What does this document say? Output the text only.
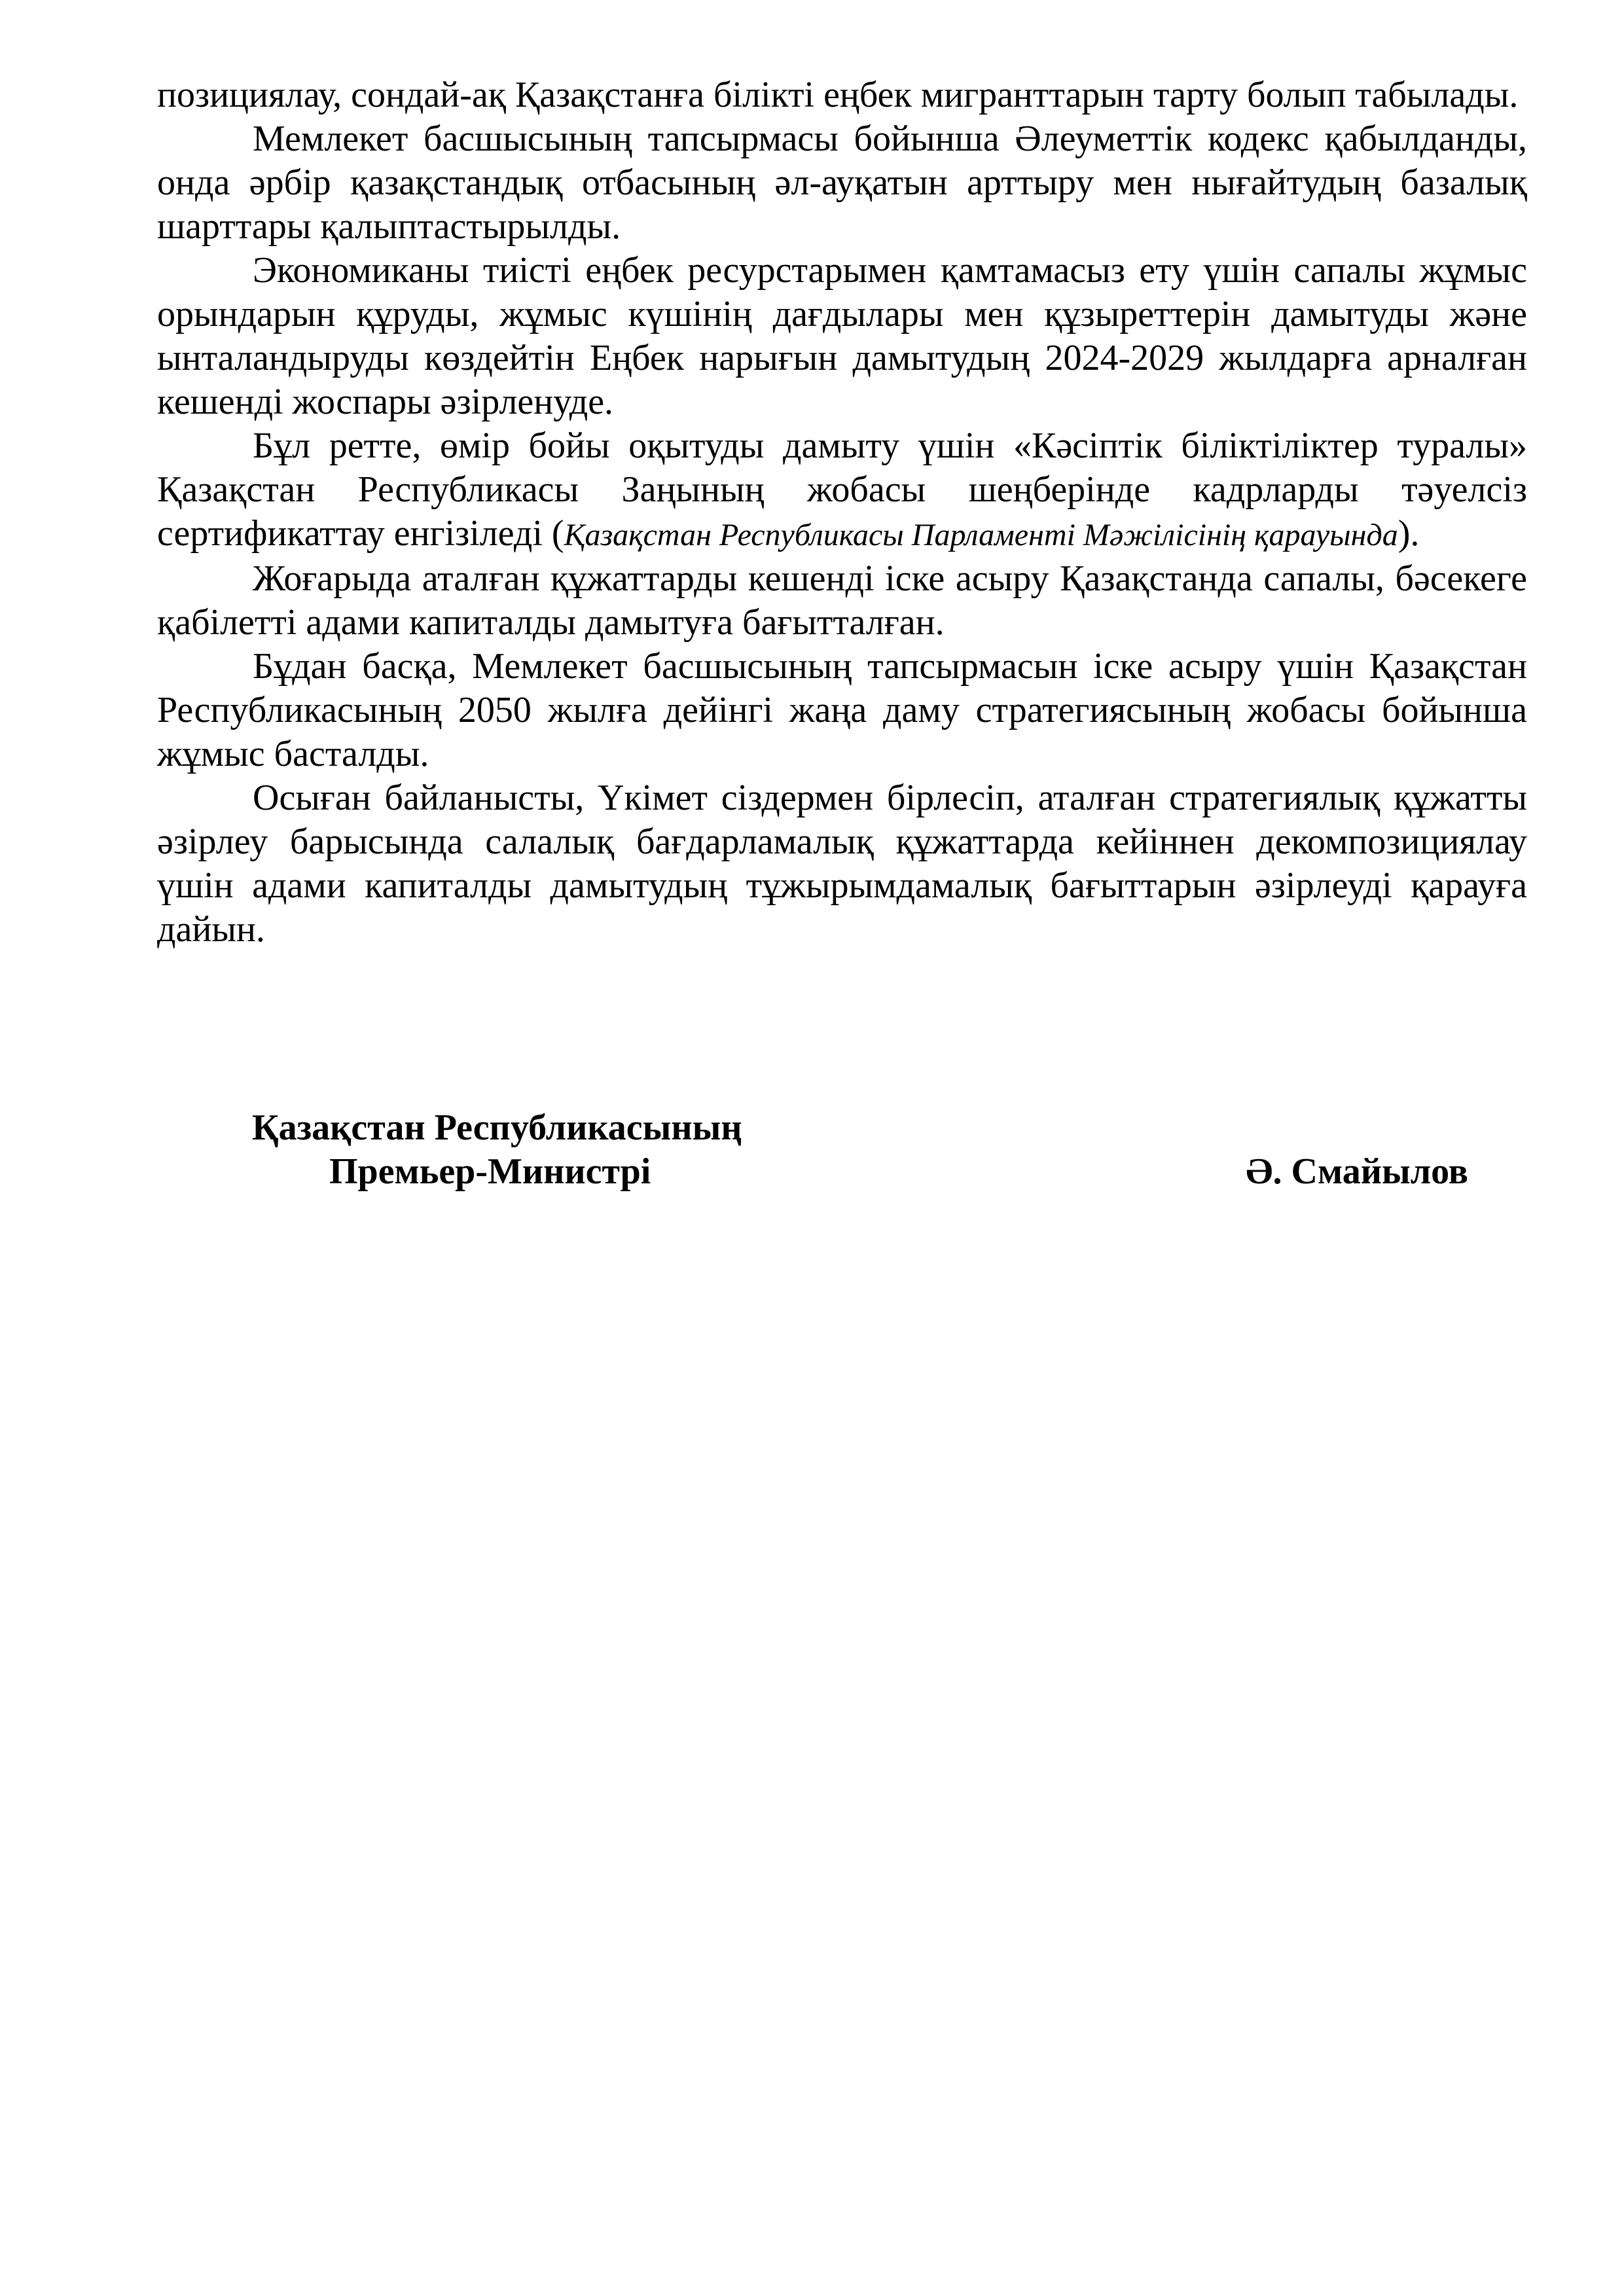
позициялау, сондай-ақ Қазақстанға білікті еңбек мигранттарын тарту болып табылады.

Мемлекет басшысының тапсырмасы бойынша Әлеуметтік кодекс қабылданды, онда әрбір қазақстандық отбасының әл-ауқатын арттыру мен нығайтудың базалық шарттары қалыптастырылды.

Экономиканы тиісті еңбек ресурстарымен қамтамасыз ету үшін сапалы жұмыс орындарын құруды, жұмыс күшінің дағдылары мен құзыреттерін дамытуды және ынталандыруды көздейтін Еңбек нарығын дамытудың 2024-2029 жылдарға арналған кешенді жоспары әзірленуде.

Бұл ретте, өмір бойы оқытуды дамыту үшін «Кәсіптік біліктіліктер туралы» Қазақстан Республикасы Заңының жобасы шеңберінде кадрларды тәуелсіз сертификаттау енгізіледі (Қазақстан Республикасы Парламенті Мәжілісінің қарауында).

Жоғарыда аталған құжаттарды кешенді іске асыру Қазақстанда сапалы, бәсекеге қабілетті адами капиталды дамытуға бағытталған.

Бұдан басқа, Мемлекет басшысының тапсырмасын іске асыру үшін Қазақстан Республикасының 2050 жылға дейінгі жаңа даму стратегиясының жобасы бойынша жұмыс басталды.

Осыған байланысты, Үкімет сіздермен бірлесіп, аталған стратегиялық құжатты әзірлеу барысында салалық бағдарламалық құжаттарда кейіннен декомпозициялау үшін адами капиталды дамытудың тұжырымдамалық бағыттарын әзірлеуді қарауға дайын.

Қазақстан Республикасының
Премьер-Министрі	Ә. Смайылов
